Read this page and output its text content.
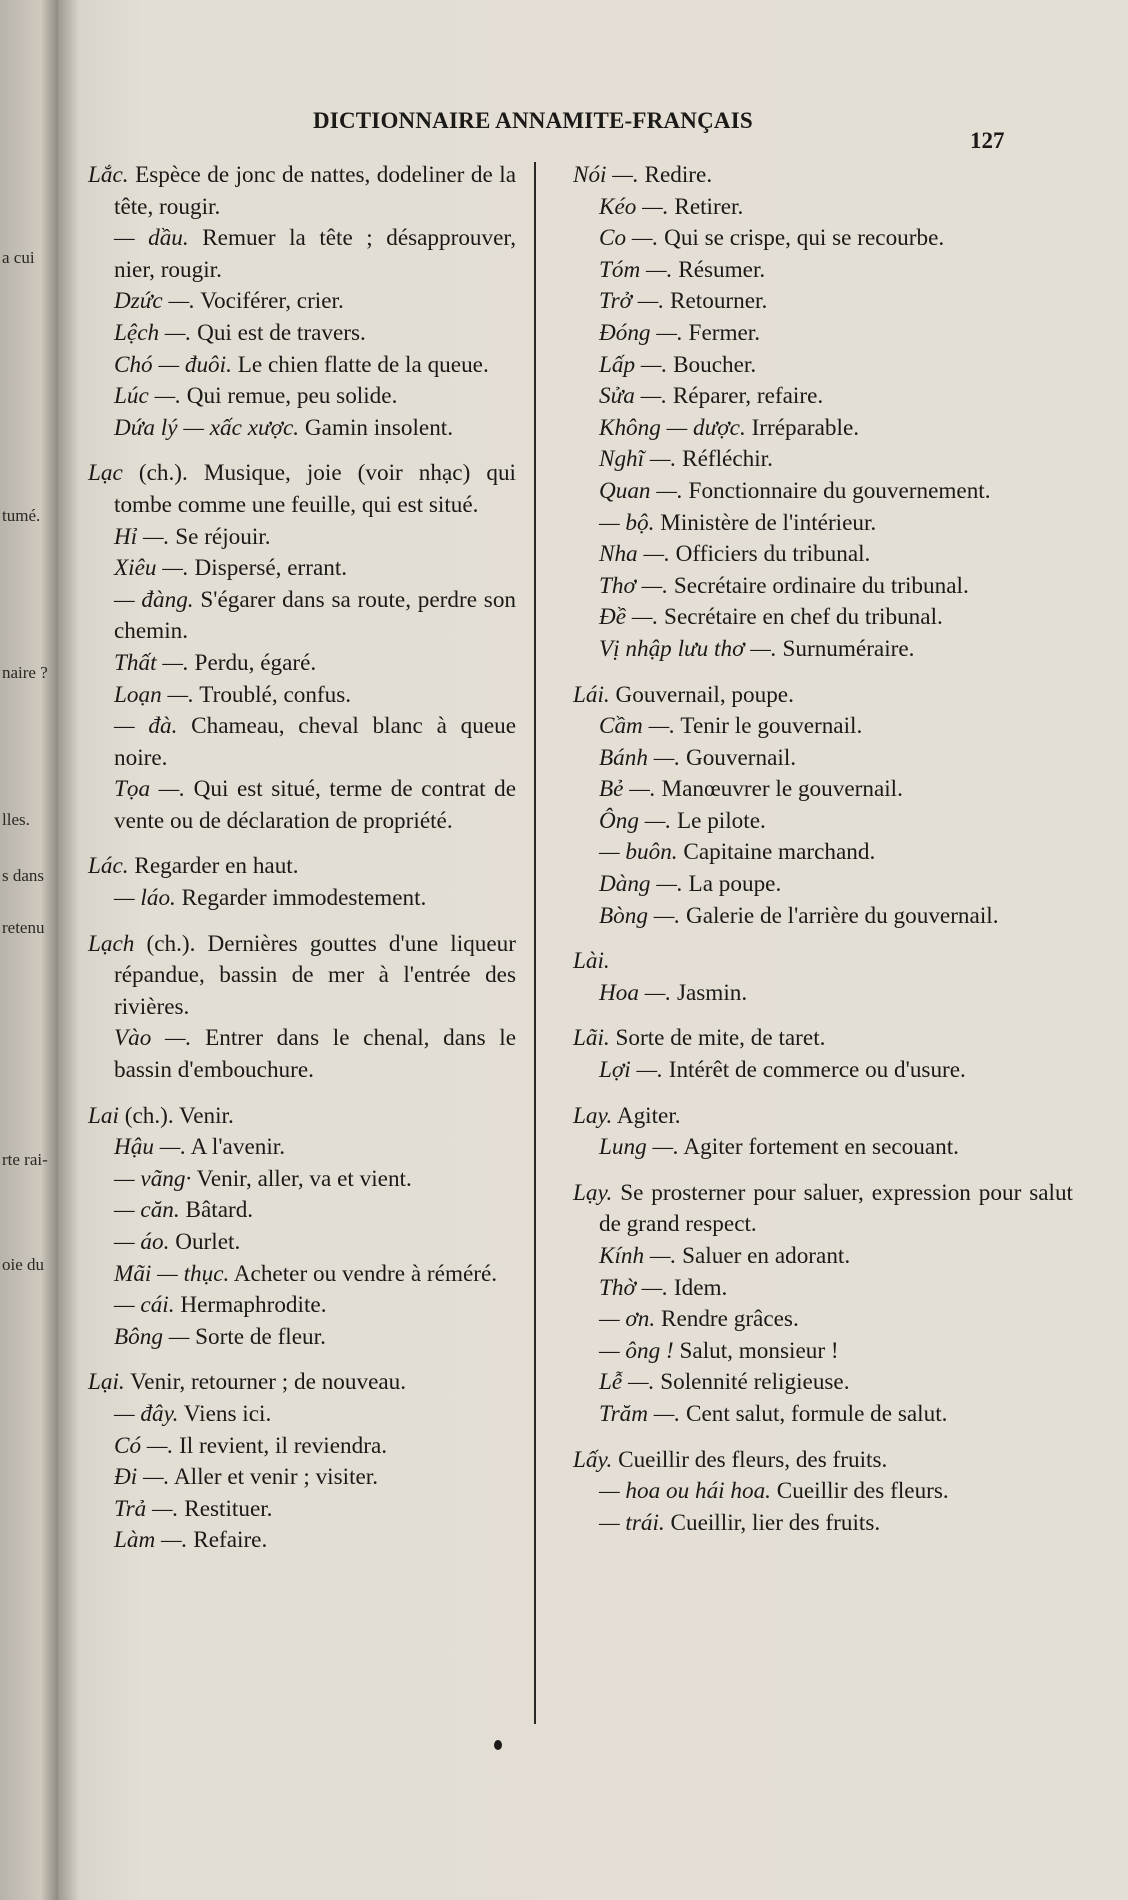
a cui
tumé.
naire ?
lles.
s dans
retenu
rte rai-
oie du
DICTIONNAIRE ANNAMITE-FRANÇAIS
127
Lắc. Espèce de jonc de nattes, dodeliner de la tête, rougir.
— dầu. Remuer la tête ; désapprouver, nier, rougir.
Dzức —. Vociférer, crier.
Lệch —. Qui est de travers.
Chó — đuôi. Le chien flatte de la queue.
Lúc —. Qui remue, peu solide.
Dứa lý — xấc xược. Gamin insolent.
Lạc (ch.). Musique, joie (voir nhạc) qui tombe comme une feuille, qui est situé.
Hỉ —. Se réjouir.
Xiêu —. Dispersé, errant.
— đàng. S'égarer dans sa route, perdre son chemin.
Thất —. Perdu, égaré.
Loạn —. Troublé, confus.
— đà. Chameau, cheval blanc à queue noire.
Tọa —. Qui est situé, terme de contrat de vente ou de déclaration de propriété.
Lác. Regarder en haut.
— láo. Regarder immodestement.
Lạch (ch.). Dernières gouttes d'une liqueur répandue, bassin de mer à l'entrée des rivières.
Vào —. Entrer dans le chenal, dans le bassin d'embouchure.
Lai (ch.). Venir.
Hậu —. A l'avenir.
— vãng· Venir, aller, va et vient.
— căn. Bâtard.
— áo. Ourlet.
Mãi — thục. Acheter ou vendre à réméré.
— cái. Hermaphrodite.
Bông — Sorte de fleur.
Lại. Venir, retourner ; de nouveau.
— đây. Viens ici.
Có —. Il revient, il reviendra.
Đi —. Aller et venir ; visiter.
Trả —. Restituer.
Làm —. Refaire.
Nói —. Redire.
Kéo —. Retirer.
Co —. Qui se crispe, qui se recourbe.
Tóm —. Résumer.
Trở —. Retourner.
Đóng —. Fermer.
Lấp —. Boucher.
Sửa —. Réparer, refaire.
Không — dược. Irréparable.
Nghĩ —. Réfléchir.
Quan —. Fonctionnaire du gouvernement.
— bộ. Ministère de l'intérieur.
Nha —. Officiers du tribunal.
Thơ —. Secrétaire ordinaire du tribunal.
Đề —. Secrétaire en chef du tribunal.
Vị nhập lưu thơ —. Surnuméraire.
Lái. Gouvernail, poupe.
Cầm —. Tenir le gouvernail.
Bánh —. Gouvernail.
Bẻ —. Manœuvrer le gouvernail.
Ông —. Le pilote.
— buôn. Capitaine marchand.
Dàng —. La poupe.
Bòng —. Galerie de l'arrière du gouvernail.
Lài.
Hoa —. Jasmin.
Lãi. Sorte de mite, de taret.
Lợi —. Intérêt de commerce ou d'usure.
Lay. Agiter.
Lung —. Agiter fortement en secouant.
Lạy. Se prosterner pour saluer, expression pour salut de grand respect.
Kính —. Saluer en adorant.
Thờ —. Idem.
— ơn. Rendre grâces.
— ông ! Salut, monsieur !
Lễ —. Solennité religieuse.
Trăm —. Cent salut, formule de salut.
Lấy. Cueillir des fleurs, des fruits.
— hoa ou hái hoa. Cueillir des fleurs.
— trái. Cueillir, lier des fruits.
